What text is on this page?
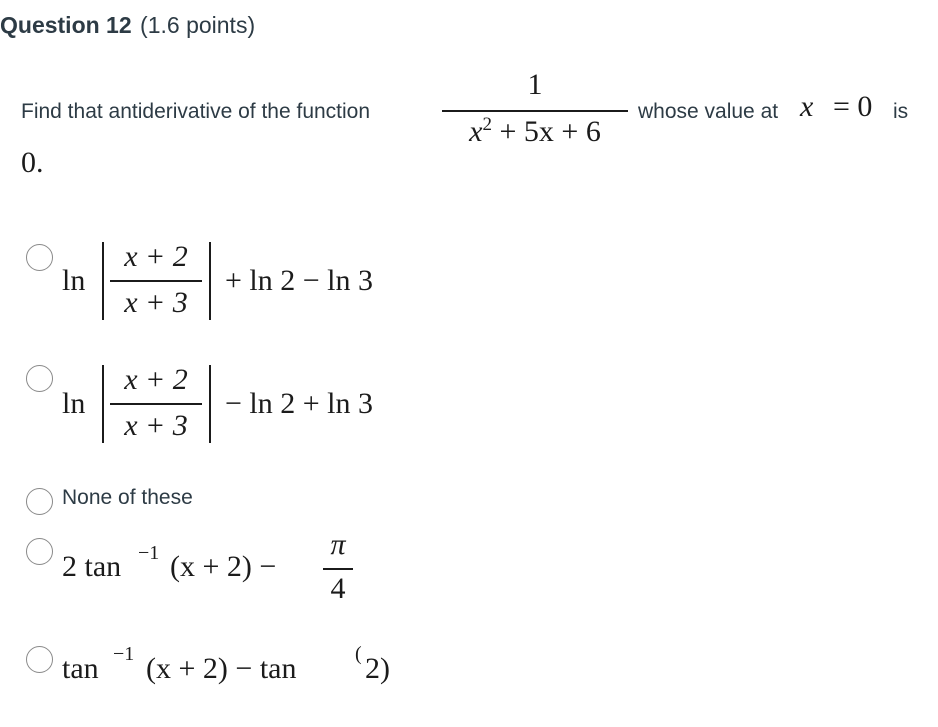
Question 12 (1.6 points)
Find that antiderivative of the function
1
$x^2 + 5x + 6$
whose value at x = 0 is
0.
ln
x + 2
x + 3
+ ln 2 − ln 3
ln
x + 2
x + 3
− ln 2 + ln 3
None of these
2 tan −1 (x + 2) −
π
4
tan −1 (x + 2) − tan	( 2)
